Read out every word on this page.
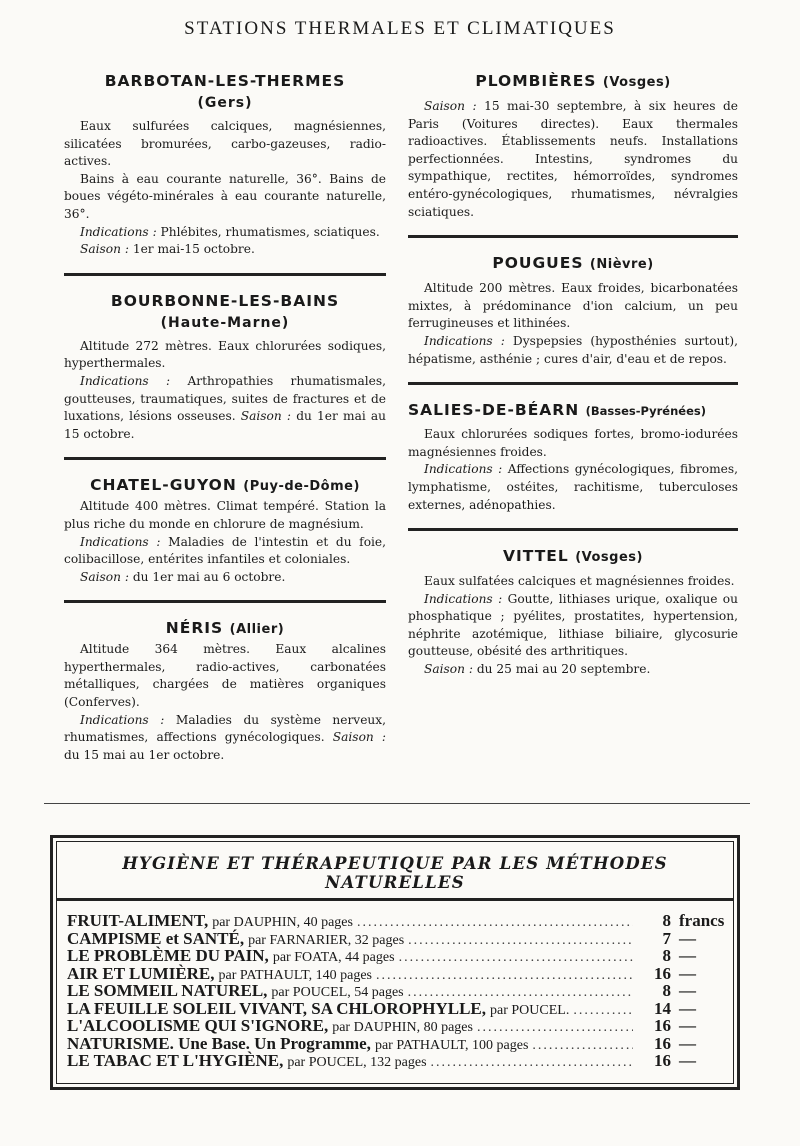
STATIONS THERMALES ET CLIMATIQUES
BARBOTAN-LES-THERMES
(Gers)

Eaux sulfurées calciques, magnésiennes, silicatées bromurées, carbo-gazeuses, radio-actives.

Bains à eau courante naturelle, 36°. Bains de boues végéto-minérales à eau courante naturelle, 36°.

Indications : Phlébites, rhumatismes, sciatiques.

Saison : 1er mai-15 octobre.

BOURBONNE-LES-BAINS
(Haute-Marne)

Altitude 272 mètres. Eaux chlorurées sodiques, hyperthermales.

Indications : Arthropathies rhumatismales, goutteuses, traumatiques, suites de fractures et de luxations, lésions osseuses. Saison : du 1er mai au 15 octobre.

CHATEL-GUYON (Puy-de-Dôme)

Altitude 400 mètres. Climat tempéré. Station la plus riche du monde en chlorure de magnésium.

Indications : Maladies de l'intestin et du foie, colibacillose, entérites infantiles et coloniales.

Saison : du 1er mai au 6 octobre.

NÉRIS (Allier)

Altitude 364 mètres. Eaux alcalines hyperthermales, radio-actives, carbonatées métalliques, chargées de matières organiques (Conferves).

Indications : Maladies du système nerveux, rhumatismes, affections gynécologiques. Saison : du 15 mai au 1er octobre.

PLOMBIÈRES (Vosges)

Saison : 15 mai-30 septembre, à six heures de Paris (Voitures directes). Eaux thermales radioactives. Établissements neufs. Installations perfectionnées. Intestins, syndromes du sympathique, rectites, hémorroïdes, syndromes entéro-gynécologiques, rhumatismes, névralgies sciatiques.

POUGUES (Nièvre)

Altitude 200 mètres. Eaux froides, bicarbonatées mixtes, à prédominance d'ion calcium, un peu ferrugineuses et lithinées.

Indications : Dyspepsies (hyposthénies surtout), hépatisme, asthénie ; cures d'air, d'eau et de repos.

SALIES-DE-BÉARN (Basses-Pyrénées)

Eaux chlorurées sodiques fortes, bromo-iodurées magnésiennes froides.

Indications : Affections gynécologiques, fibromes, lymphatisme, ostéites, rachitisme, tuberculoses externes, adénopathies.

VITTEL (Vosges)

Eaux sulfatées calciques et magnésiennes froides.

Indications : Goutte, lithiases urique, oxalique ou phosphatique ; pyélites, prostatites, hypertension, néphrite azotémique, lithiase biliaire, glycosurie goutteuse, obésité des arthritiques.

Saison : du 25 mai au 20 septembre.

HYGIÈNE ET THÉRAPEUTIQUE PAR LES MÉTHODES NATURELLES
FRUIT-ALIMENT, par DAUPHIN, 40 pages .....	8 francs
CAMPISME et SANTÉ, par FARNARIER, 32 pages .....	7 —
LE PROBLÈME DU PAIN, par FOATA, 44 pages .....	8 —
AIR ET LUMIÈRE, par PATHAULT, 140 pages .....	16 —
LE SOMMEIL NATUREL, par POUCEL, 54 pages .....	8 —
LA FEUILLE SOLEIL VIVANT, SA CHLOROPHYLLE, par POUCEL. .....	14 —
L'ALCOOLISME QUI S'IGNORE, par DAUPHIN, 80 pages .....	16 —
NATURISME. Une Base. Un Programme, par PATHAULT, 100 pages .....	16 —
LE TABAC ET L'HYGIÈNE, par POUCEL, 132 pages .....	16 —
